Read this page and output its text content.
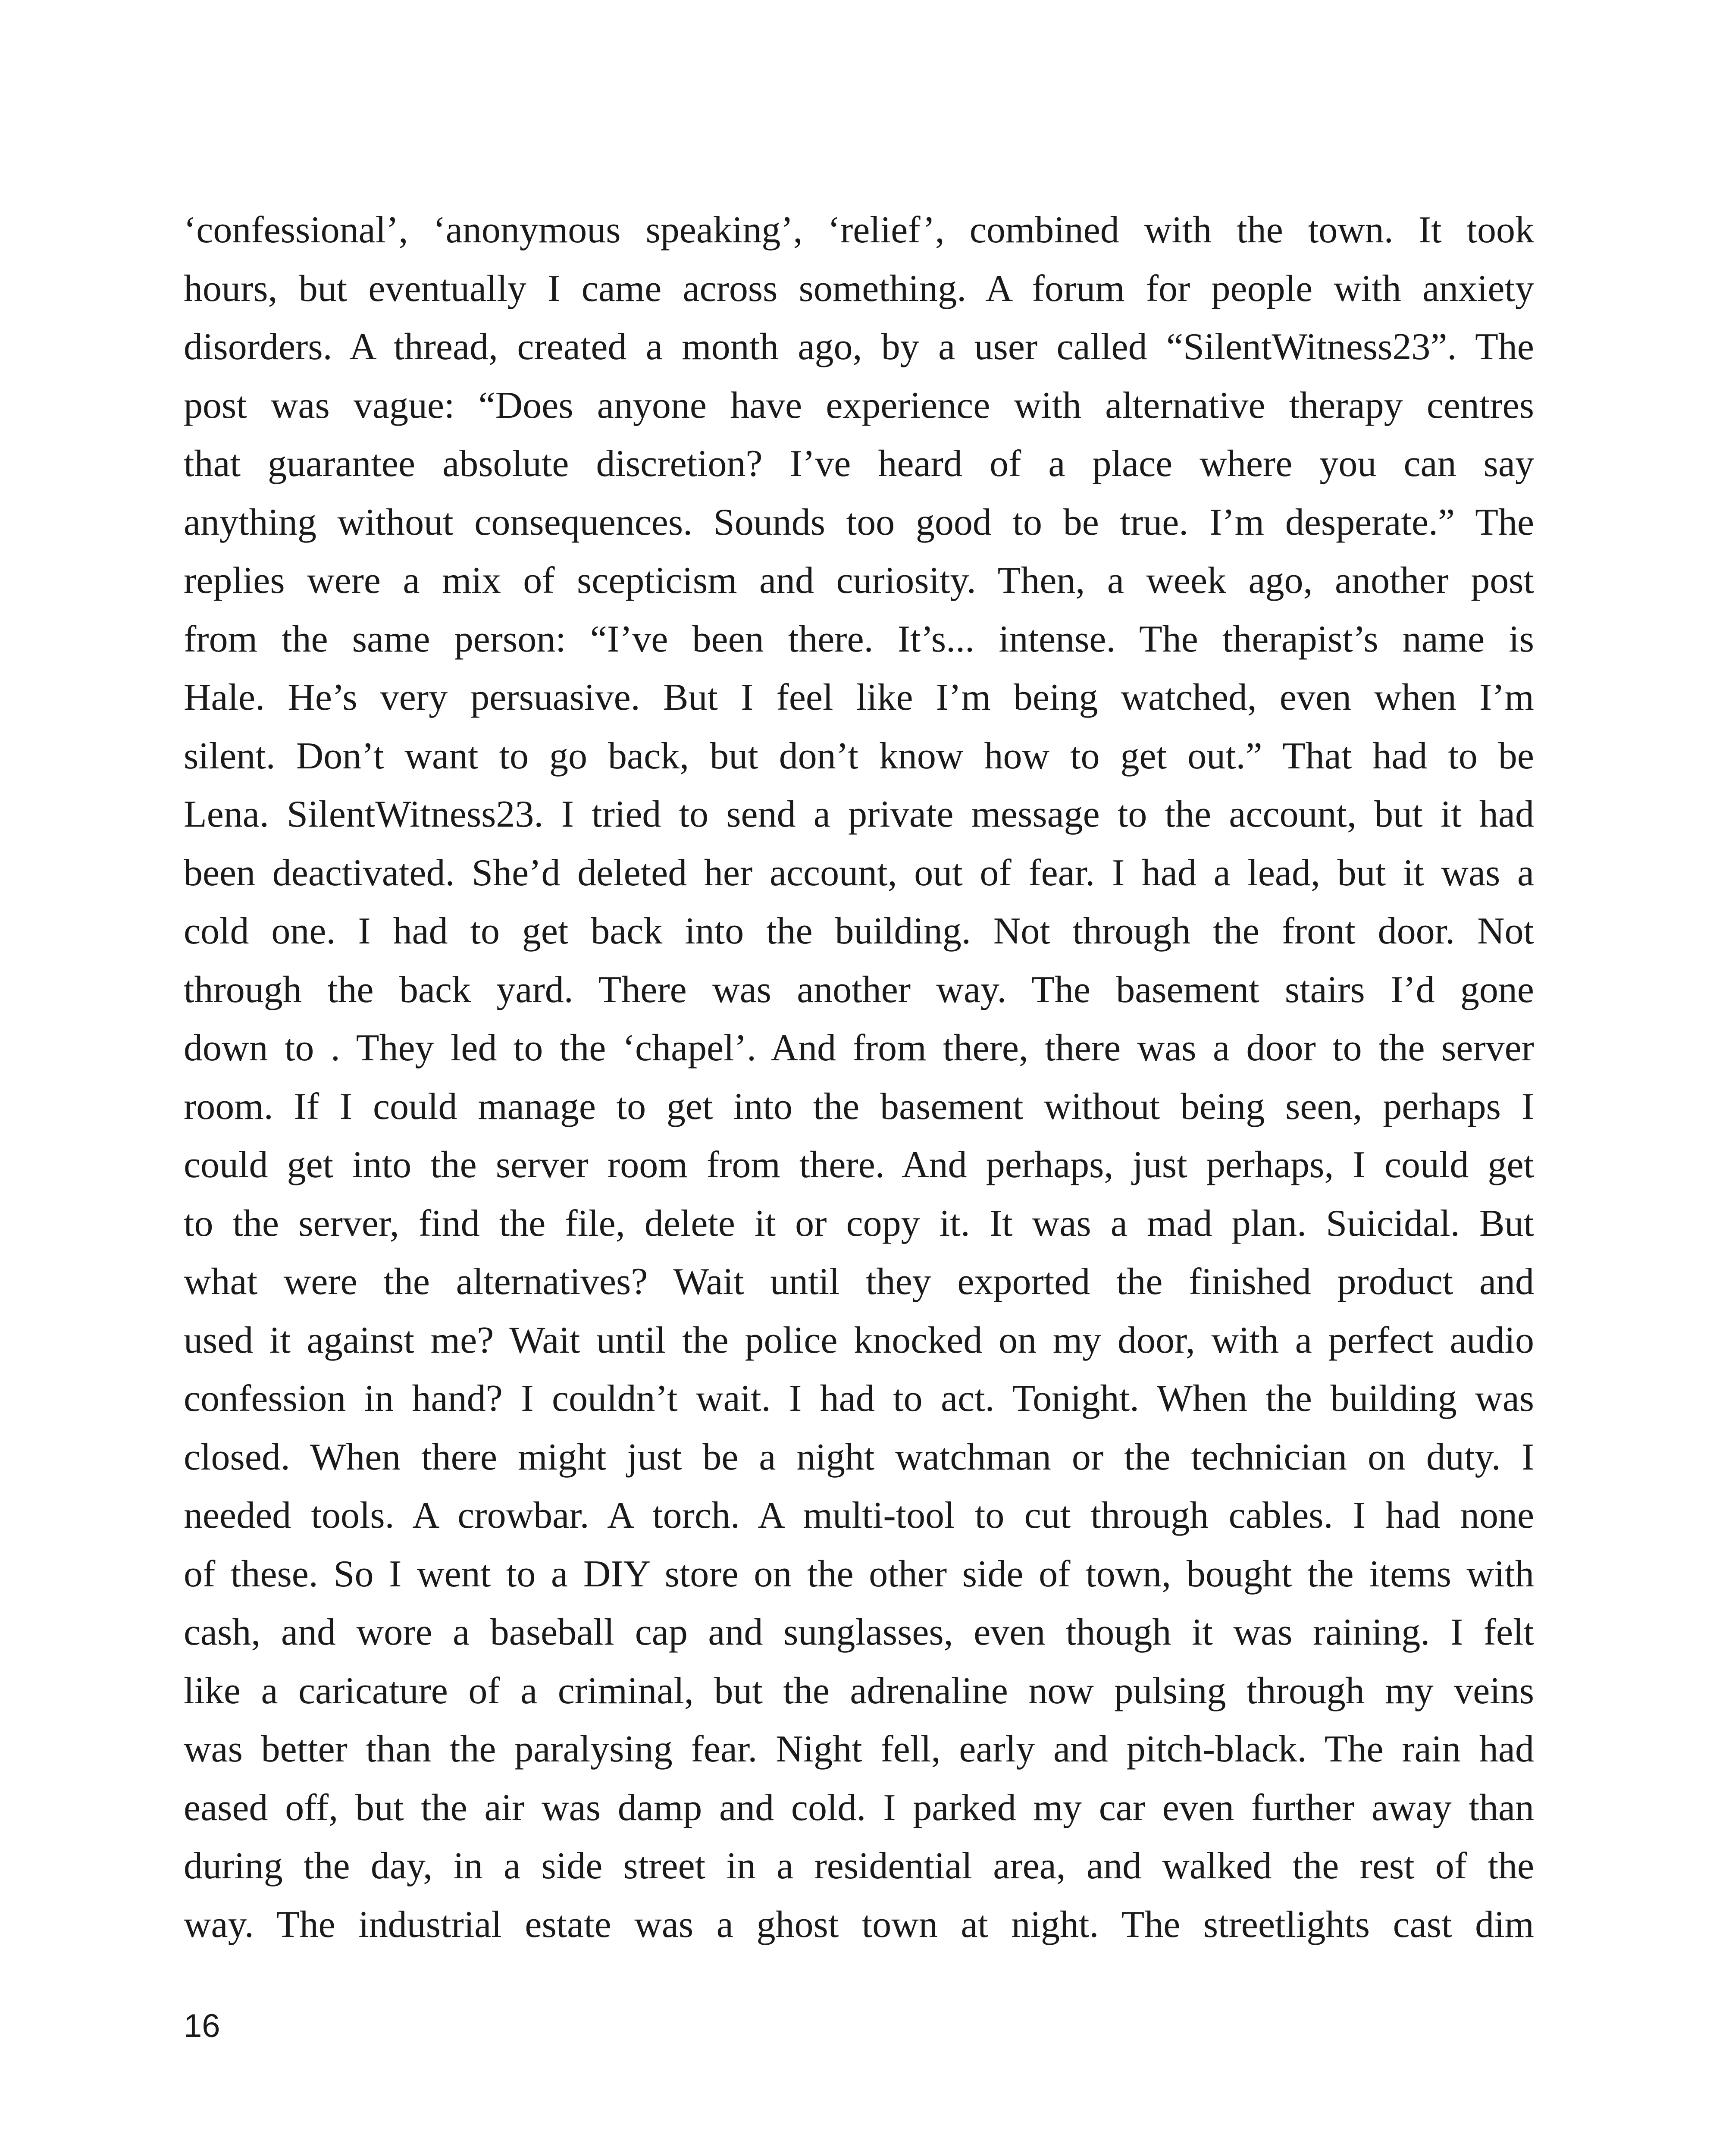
‘confessional’, ‘anonymous speaking’, ‘relief’, combined with the town. It took
hours, but eventually I came across something. A forum for people with anxiety
disorders. A thread, created a month ago, by a user called “SilentWitness23”. The
post was vague: “Does anyone have experience with alternative therapy centres
that guarantee absolute discretion? I’ve heard of a place where you can say
anything without consequences. Sounds too good to be true. I’m desperate.” The
replies were a mix of scepticism and curiosity. Then, a week ago, another post
from the same person: “I’ve been there. It’s... intense. The therapist’s name is
Hale. He’s very persuasive. But I feel like I’m being watched, even when I’m
silent. Don’t want to go back, but don’t know how to get out.” That had to be
Lena. SilentWitness23. I tried to send a private message to the account, but it had
been deactivated. She’d deleted her account, out of fear. I had a lead, but it was a
cold one. I had to get back into the building. Not through the front door. Not
through the back yard. There was another way. The basement stairs I’d gone
down to . They led to the ‘chapel’. And from there, there was a door to the server
room. If I could manage to get into the basement without being seen, perhaps I
could get into the server room from there. And perhaps, just perhaps, I could get
to the server, find the file, delete it or copy it. It was a mad plan. Suicidal. But
what were the alternatives? Wait until they exported the finished product and
used it against me? Wait until the police knocked on my door, with a perfect audio
confession in hand? I couldn’t wait. I had to act. Tonight. When the building was
closed. When there might just be a night watchman or the technician on duty. I
needed tools. A crowbar. A torch. A multi-tool to cut through cables. I had none
of these. So I went to a DIY store on the other side of town, bought the items with
cash, and wore a baseball cap and sunglasses, even though it was raining. I felt
like a caricature of a criminal, but the adrenaline now pulsing through my veins
was better than the paralysing fear. Night fell, early and pitch-black. The rain had
eased off, but the air was damp and cold. I parked my car even further away than
during the day, in a side street in a residential area, and walked the rest of the
way. The industrial estate was a ghost town at night. The streetlights cast dim
16
